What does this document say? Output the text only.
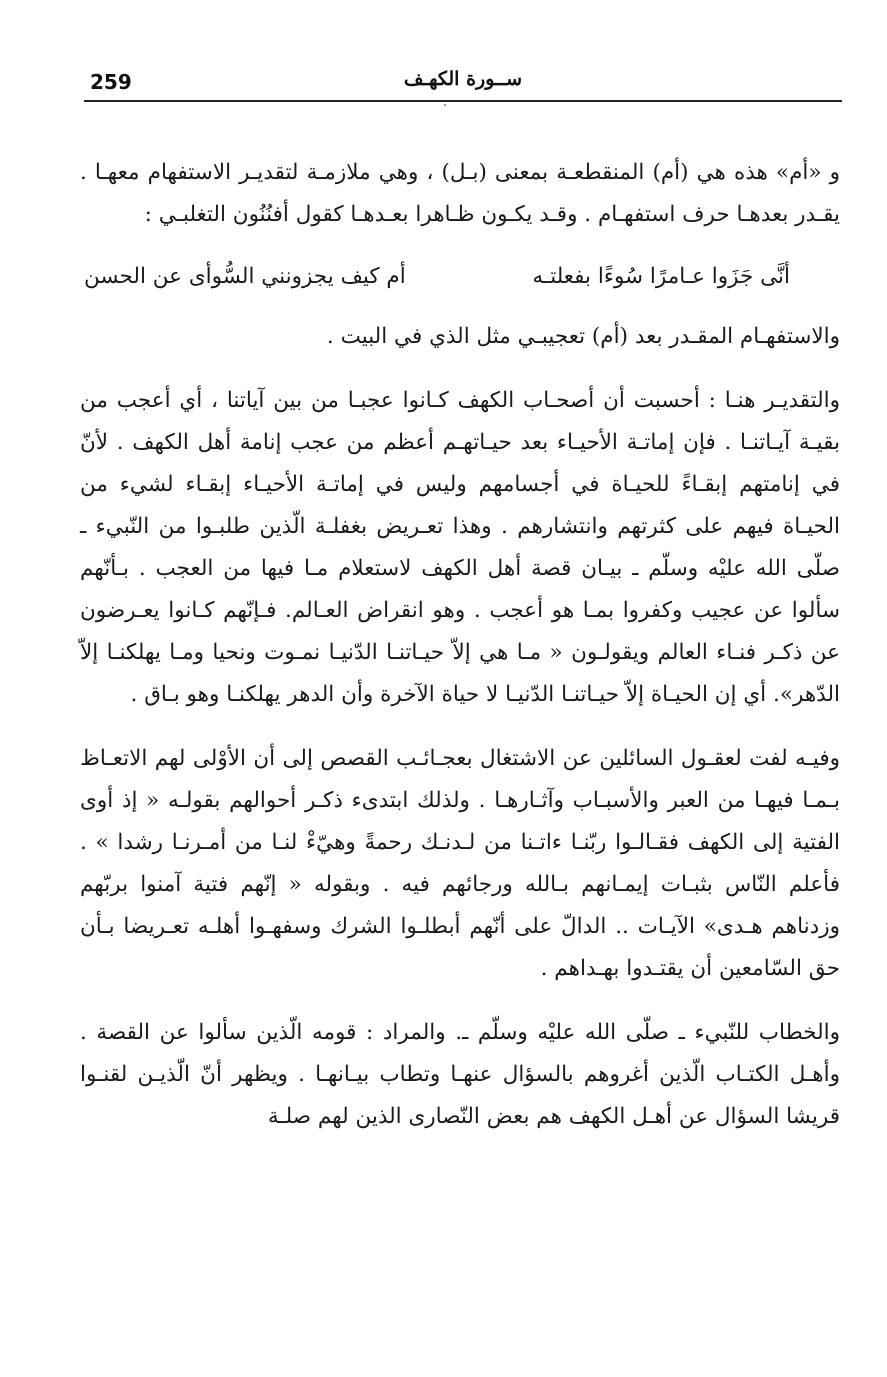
259	ســورة الكهـف

و «أم» هذه هي (أم) المنقطعـة بمعنى (بـل) ، وهي ملازمـة لتقديـر الاستفهام معهـا . يقـدر بعدهـا حرف استفهـام . وقـد يكـون ظـاهرا بعـدهـا كقول أفنُنُون التغلبـي :

أنَّى جَزَوا عـامرًا سُوءًا بفعلتـه
أم كيف يجزونني السُّوأى عن الحسن

والاستفهـام المقـدر بعد (أم) تعجيبـي مثل الذي في البيت .

والتقديـر هنـا : أحسبت أن أصحـاب الكهف كـانوا عجبـا من بين آياتنا ، أي أعجب من بقيـة آيـاتنـا . فإن إماتـة الأحيـاء بعد حيـاتهـم أعظم من عجب إنامة أهل الكهف . لأنّ في إنامتهم إبقـاءً للحيـاة في أجسامهم وليس في إماتـة الأحيـاء إبقـاء لشيء من الحيـاة فيهم على كثرتهم وانتشارهم . وهذا تعـريض بغفلـة الّذين طلبـوا من النّبيء ـ صلّى الله عليْه وسلّم ـ بيـان قصة أهل الكهف لاستعلام مـا فيها من العجب . بـأنّهم سألوا عن عجيب وكفروا بمـا هو أعجب . وهو انقراض العـالم. فـإنّهم كـانوا يعـرضون عن ذكـر فنـاء العالم ويقولـون « مـا هي إلاّ حيـاتنـا الدّنيـا نمـوت ونحيا ومـا يهلكنـا إلاّ الدّهر». أي إن الحيـاة إلاّ حيـاتنـا الدّنيـا لا حياة الآخرة وأن الدهر يهلكنـا وهو بـاق .

وفيـه لفت لعقـول السائلين عن الاشتغال بعجـائـب القصص إلى أن الأوْلى لهم الاتعـاظ بـمـا فيهـا من العبر والأسبـاب وآثـارهـا . ولذلك ابتدىء ذكـر أحوالهم بقولـه « إذ أوى الفتية إلى الكهف فقـالـوا ربّنـا ءاتـنا من لـدنـك رحمةً وهيّءْ لنـا من أمـرنـا رشدا » . فأعلم النّاس بثبـات إيمـانهم بـالله ورجائهم فيه . وبقوله « إنّهم فتية آمنوا بربّهم وزدناهم هـدى» الآيـات .. الدالّ على أنّهم أبطلـوا الشرك وسفهـوا أهلـه تعـريضا بـأن حق السّامعين أن يقتـدوا بهـداهم .

والخطاب للنّبيء ـ صلّى الله عليْه وسلّم ـ. والمراد : قومه الّذين سألوا عن القصة . وأهـل الكتـاب الّذين أغروهم بالسؤال عنهـا وتطاب بيـانهـا . ويظهر أنّ الّذيـن لقنـوا قريشا السؤال عن أهـل الكهف هم بعض النّصارى الذين لهم صلـة
